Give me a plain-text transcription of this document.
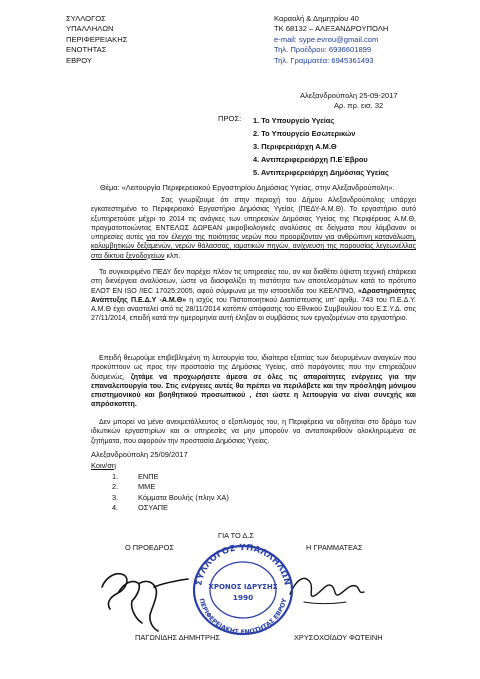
ΣΥΛΛΟΓΟΣ
ΥΠΑΛΛΗΛΩΝ
ΠΕΡΙΦΕΡΕΙΑΚΗΣ
ΕΝΟΤΗΤΑΣ
ΕΒΡΟΥ
Καραολή & Δημητρίου 40
ΤΚ 68132 – ΑΛΕΞΑΝΔΡΟΥΠΟΛΗ
e-mail: sype.evrou@gmail.com
Τηλ. Προέδρου: 6936601899
Τηλ. Γραμματέα: 6945361493
Αλεξανδρούπολη 25-09-2017
Αρ. πρ. εισ. 32
ΠΡΟΣ: 1. Το Υπουργείο Υγείας
2. Το Υπουργείο Εσωτερικών
3. Περιφερειάρχη Α.Μ.Θ
4. Αντιπεριφερειάρχη Π.Ε΄Εβρου
5. Αντιπεριφερειάρχη Δημόσιας Υγείας
Θέμα: «Λειτουργία Περιφερειακού Εργαστηρίου Δημόσιας Υγείας, στην Αλεξανδρούπολη».
Σας γνωρίζουμε ότι στην περιοχή του Δήμου Αλεξανδρούπολης υπάρχει εγκατεστημένο το Περιφερειακό Εργαστήριο Δημόσιας Υγείας (ΠΕΔΥ-Α.Μ.Θ). Το εργαστήριο αυτό εξυπηρετούσε μέχρι το 2014 τις ανάγκες των υπηρεσιών Δημόσιας Υγείας της Περιφέρειας Α.Μ.Θ, πραγματοποιώντας ΕΝΤΕΛΩΣ ΔΩΡΕΑΝ μικροβιολογικές αναλύσεις σε δείγματα που λάμβαναν οι υπηρεσίες αυτές για τον έλεγχο της ποιότητας νερών που προορίζονταν για ανθρώπινη κατανάλωση, κολυμβητικών δεξαμενών, νερών θάλασσας, ιαματικών πηγών, ανίχνευση της παρουσίας λεγεωνέλλας στα δίκτυα ξενοδοχείων κλπ.
Το συγκεκριμένο ΠΕΔΥ δεν παρέχει πλέον τις υπηρεσίες του, αν και διαθέτει ύψιστη τεχνική επάρκεια στη διενέργεια αναλύσεων, ώστε να διασφαλίζει τη πιστότητα των αποτελεσμάτων κατά το πρότυπο ΕΛΟΤ ΕΝ ISO /IEC 17025:2005, αφού σύμφωνα με την ιστοσελίδα του ΚΕΕΛΠΝΟ, «Δραστηριότητες Ανάπτυξης Π.Ε.Δ.Υ -Α.Μ.Θ» η ισχύς του Πιστοποιητικού Διαπίστευσης υπ' αριθμ. 743 του Π.Ε.Δ.Υ. Α.Μ.Θ έχει ανασταλεί από τις 28/11/2014 κατόπιν απόφασης του Εθνικού Συμβουλίου του Ε.Σ.Υ.Δ. στις 27/11/2014, επειδή κατά την ημερομηνία αυτή έληξαν οι συμβάσεις των εργαζομένων στο εργαστήριο.
Επειδή θεωρούμε επιβεβλημένη τη λειτουργία του, ιδιαίτερα εξαιτίας των διευρυμένων αναγκών που προκύπτουν ως προς την προστασία της Δημόσιας Υγείας, από παράγοντες που την επηρεάζουν δυσμενώς, ζητάμε να προχωρήσετε άμεσα σε όλες τις απαραίτητες ενέργειες για την επαναλειτουργία του. Στις ενέργειες αυτές θα πρέπει να περιλάβετε και την πρόσληψη μόνιμου επιστημονικού και βοηθητικού προσωπικού , έτσι ώστε η λειτουργία να είναι συνεχής και απρόσκοπτη.
Δεν μπορεί να μένει ανεκμετάλλευτος ο εξοπλισμός του, η Περιφέρεια να οδηγείται στο δρόμο των ιδιωτικών εργαστηρίων και οι υπηρεσίες να μην μπορούν να ανταποκριθούν ολοκληρωμένα σε ζητήματα, που αφορούν την προστασία Δημόσιας Υγείας.
Αλεξανδρούπολη 25/09/2017
Κοιν/ση
1.	ΕΝΠΕ
2.	ΜΜΕ
3.	Κόμματα Βουλής (πλην ΧΑ)
4.	ΟΣΥΑΠΕ
ΓΙΑ ΤΟ Δ.Σ
Ο ΠΡΟΕΔΡΟΣ	Η ΓΡΑΜΜΑΤΕΑΣ
ΣΥΛΛΟΓΟΣ ΥΠΑΛΛΗΛΩΝ
ΠΕΡΙΦΕΡΕΙΑΚΗΣ ΕΝΟΤΗΤΑΣ ΕΒΡΟΥ
ΧΡΟΝΟΣ ΙΔΡΥΣΗΣ
1990
ΠΑΓΩΝΙΔΗΣ ΔΗΜΗΤΡΗΣ	ΧΡΥΣΟΧΟΪΔΟΥ ΦΩΤΕΙΝΗ
